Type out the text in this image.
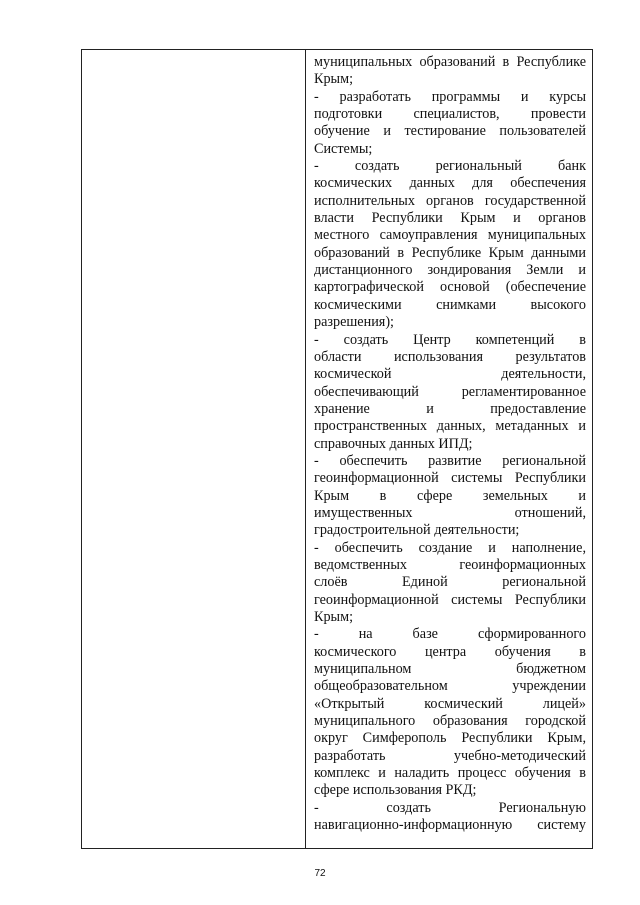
муниципальных образований в Республике
Крым;
- разработать программы и курсы
подготовки специалистов, провести
обучение и тестирование пользователей
Системы;
- создать региональный банк
космических данных для обеспечения
исполнительных органов государственной
власти Республики Крым и органов
местного самоуправления муниципальных
образований в Республике Крым данными
дистанционного зондирования Земли и
картографической основой (обеспечение
космическими снимками высокого
разрешения);
- создать Центр компетенций в
области использования результатов
космической деятельности,
обеспечивающий регламентированное
хранение и предоставление
пространственных данных, метаданных и
справочных данных ИПД;
- обеспечить развитие региональной
геоинформационной системы Республики
Крым в сфере земельных и
имущественных отношений,
градостроительной деятельности;
- обеспечить создание и наполнение,
ведомственных геоинформационных
слоёв Единой региональной
геоинформационной системы Республики
Крым;
- на базе сформированного
космического центра обучения в
муниципальном бюджетном
общеобразовательном учреждении
«Открытый космический лицей»
муниципального образования городской
округ Симферополь Республики Крым,
разработать учебно-методический
комплекс и наладить процесс обучения в
сфере использования РКД;
- создать Региональную
навигационно-информационную систему
72
